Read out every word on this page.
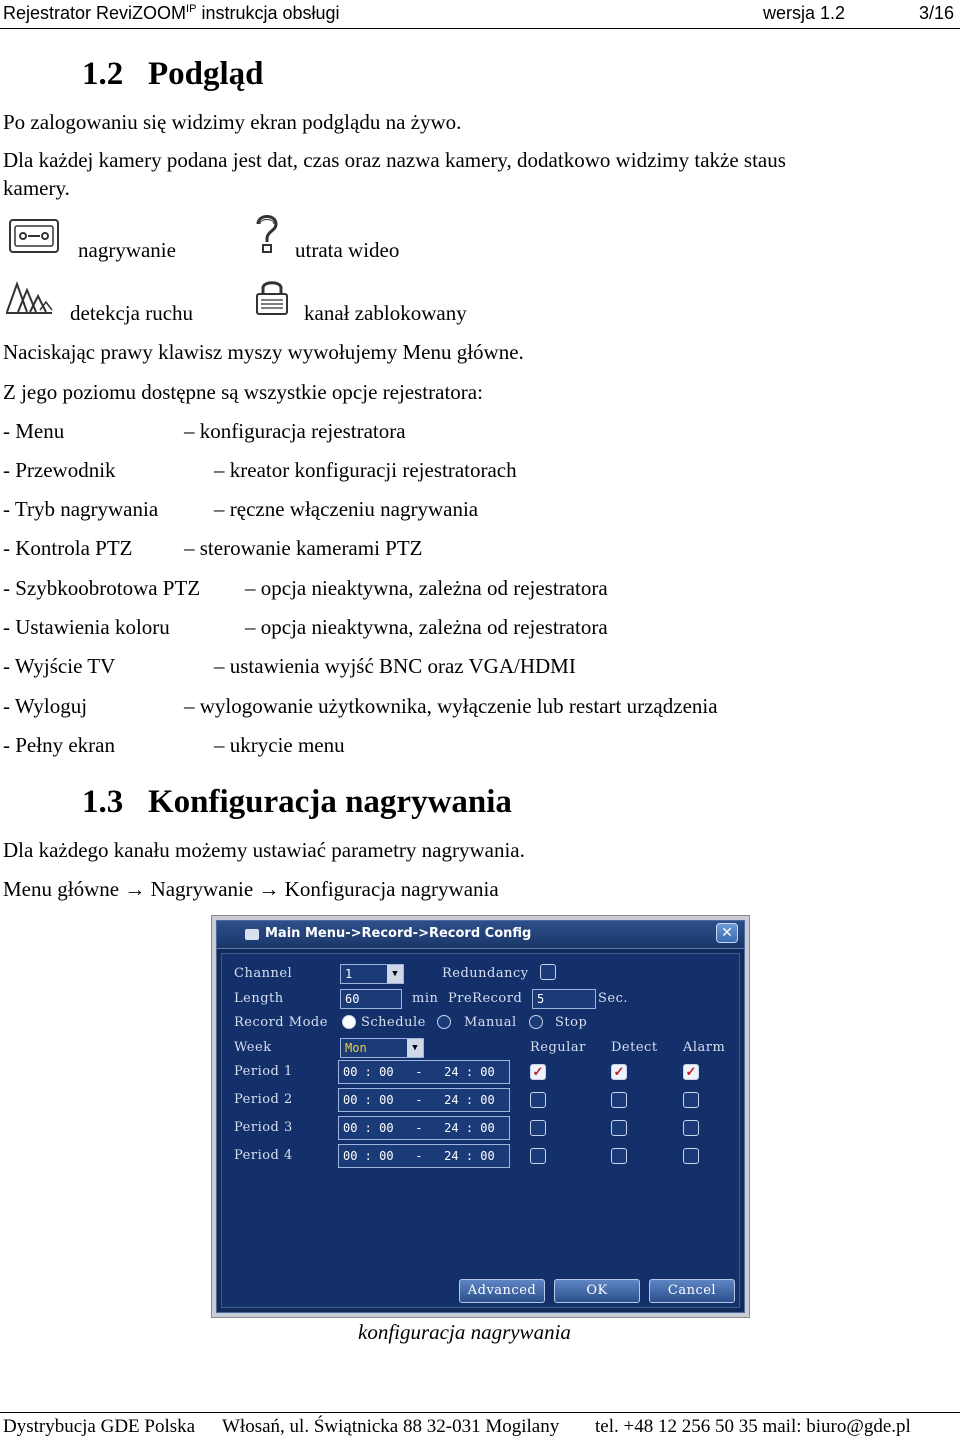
Rejestrator ReviZOOM$^{IP}$ instrukcja obsługi	wersja 1.2	3/16
1.2   Podgląd
Po zalogowaniu się widzimy ekran podglądu na żywo.
Dla każdej kamery podana jest dat, czas oraz nazwa kamery, dodatkowo widzimy także staus
kamery.
nagrywanie	utrata wideo
detekcja ruchu	kanał zablokowany
Naciskając prawy klawisz myszy wywołujemy Menu główne.
Z jego poziomu dostępne są wszystkie opcje rejestratora:
- Menu	– konfiguracja rejestratora
- Przewodnik	– kreator konfiguracji rejestratorach
- Tryb nagrywania	– ręczne włączeniu nagrywania
- Kontrola PTZ – sterowanie kamerami PTZ
- Szybkoobrotowa PTZ – opcja nieaktywna, zależna od rejestratora
- Ustawienia koloru	– opcja nieaktywna, zależna od rejestratora
- Wyjście TV	– ustawienia wyjść BNC oraz VGA/HDMI
- Wyloguj	– wylogowanie użytkownika, wyłączenie lub restart urządzenia
- Pełny ekran	– ukrycie menu
1.3   Konfiguracja nagrywania
Dla każdego kanału możemy ustawiać parametry nagrywania.
Menu główne → Nagrywanie → Konfiguracja nagrywania
Main Menu->Record->Record Config	✕
Channel	1	▼	Redundancy
Length	60	min PreRecord	5	Sec.
Record Mode	Schedule	Manual	Stop
Week	Mon	▼	Regular Detect Alarm
Period 1	00 : 00   -   24 : 00	✓	✓	✓
Period 2	00 : 00   -   24 : 00
Period 3	00 : 00   -   24 : 00
Period 4	00 : 00   -   24 : 00
Advanced	OK	Cancel
konfiguracja nagrywania
Dystrybucja GDE Polska Włosań, ul. Świątnicka 88 32-031 Mogilany tel. +48 12 256 50 35 mail: biuro@gde.pl
